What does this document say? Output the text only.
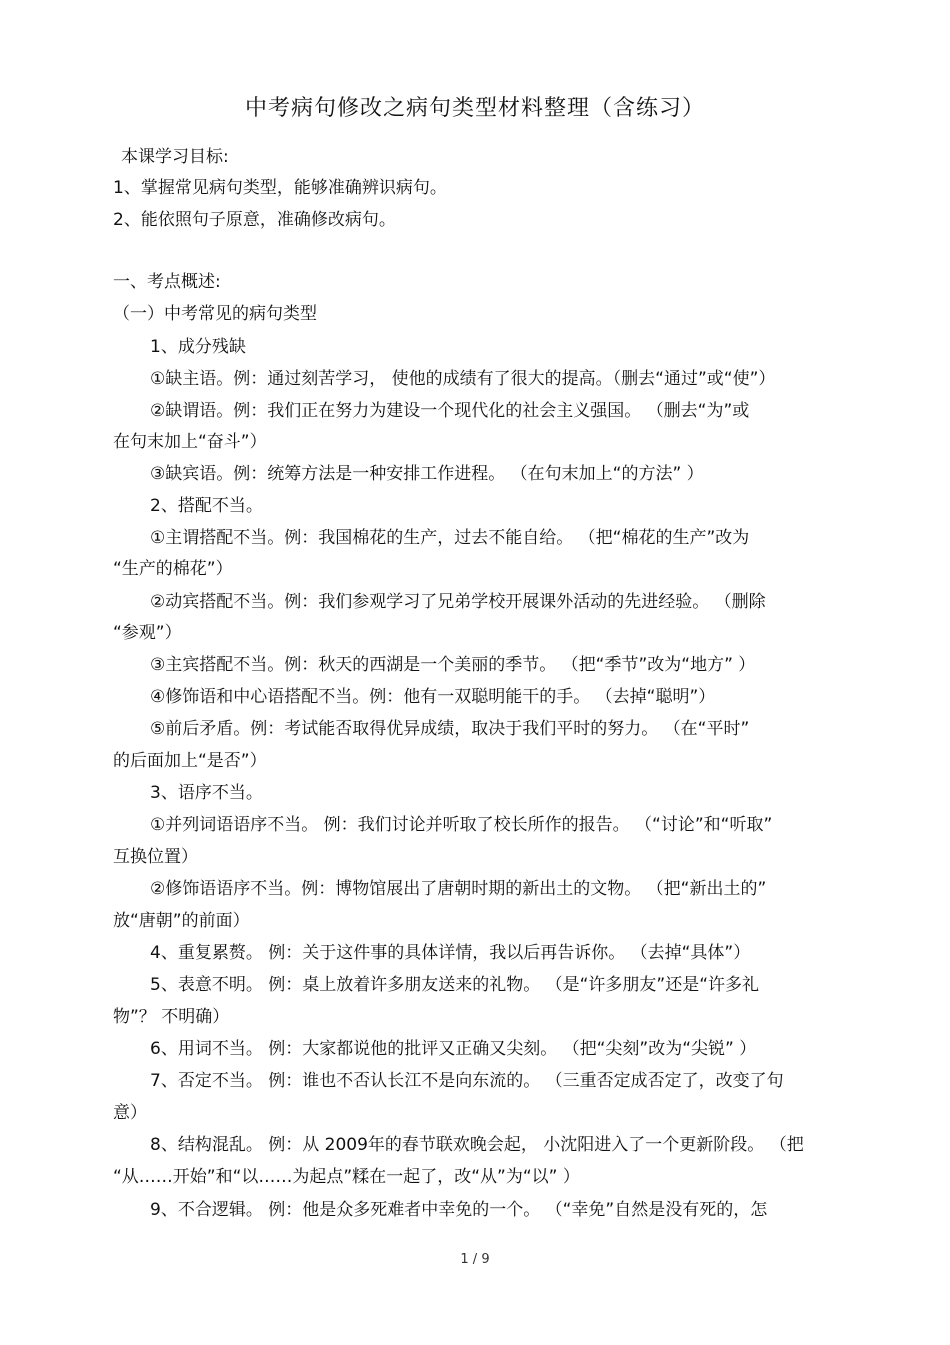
中考病句修改之病句类型材料整理（含练习）
本课学习目标:
1、掌握常见病句类型，能够准确辨识病句。
2、能依照句子原意，准确修改病句。
一、考点概述:
（一）中考常见的病句类型
1、成分残缺
①缺主语。例：通过刻苦学习， 使他的成绩有了很大的提高。（删去“通过”或“使”）
②缺谓语。例：我们正在努力为建设一个现代化的社会主义强国。 （删去“为”或
在句末加上“奋斗”）
③缺宾语。例：统筹方法是一种安排工作进程。 （在句末加上“的方法” ）
2、搭配不当。
①主谓搭配不当。例：我国棉花的生产，过去不能自给。 （把“棉花的生产”改为
“生产的棉花”）
②动宾搭配不当。例：我们参观学习了兄弟学校开展课外活动的先进经验。 （删除
“参观”）
③主宾搭配不当。例：秋天的西湖是一个美丽的季节。 （把“季节”改为“地方” ）
④修饰语和中心语搭配不当。例：他有一双聪明能干的手。 （去掉“聪明”）
⑤前后矛盾。例：考试能否取得优异成绩，取决于我们平时的努力。 （在“平时”
的后面加上“是否”）
3、语序不当。
①并列词语语序不当。 例：我们讨论并听取了校长所作的报告。 （“讨论”和“听取”
互换位置）
②修饰语语序不当。例：博物馆展出了唐朝时期的新出土的文物。 （把“新出土的”
放“唐朝”的前面）
4、重复累赘。 例：关于这件事的具体详情，我以后再告诉你。 （去掉“具体”）
5、表意不明。 例：桌上放着许多朋友送来的礼物。 （是“许多朋友”还是“许多礼
物”？ 不明确）
6、用词不当。 例：大家都说他的批评又正确又尖刻。 （把“尖刻”改为“尖锐” ）
7、否定不当。 例：谁也不否认长江不是向东流的。 （三重否定成否定了，改变了句
意）
8、结构混乱。 例：从 2009年的春节联欢晚会起， 小沈阳进入了一个更新阶段。 （把
“从……开始”和“以……为起点”糅在一起了，改“从”为“以” ）
9、不合逻辑。 例：他是众多死难者中幸免的一个。 （“幸免”自然是没有死的，怎
1 / 9
